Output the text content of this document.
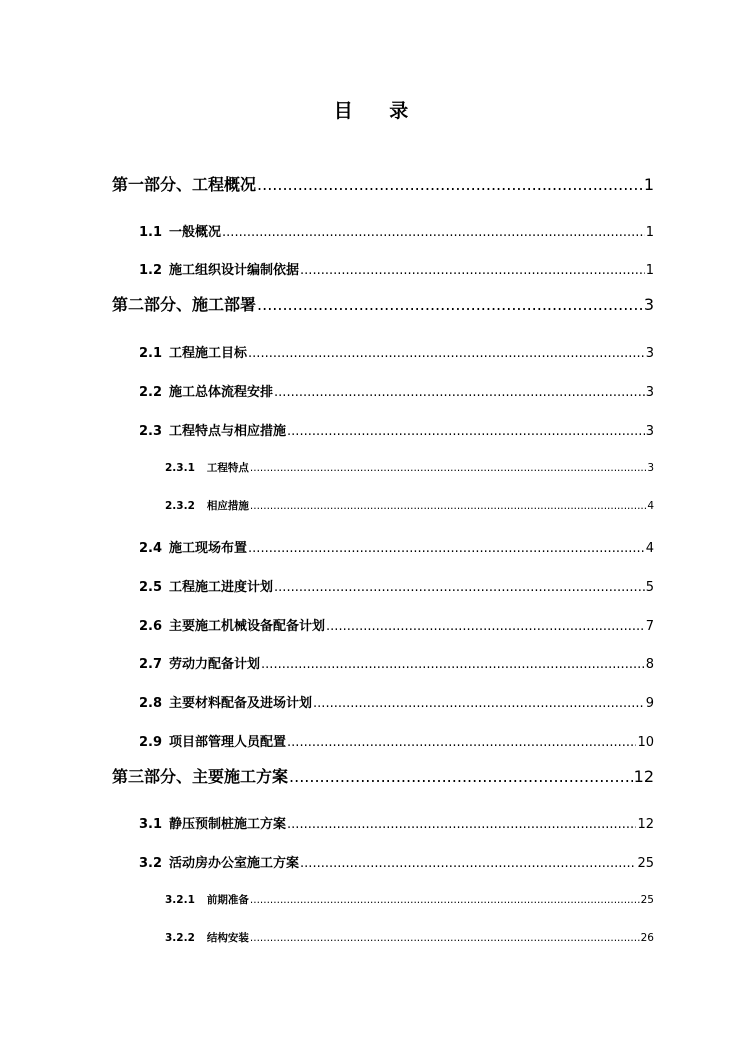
目    录
第一部分、工程概况 .....	1
1.1 一般概况 .....	1
1.2 施工组织设计编制依据 .....	1
第二部分、施工部署 .....	3
2.1 工程施工目标 .....	3
2.2 施工总体流程安排 .....	3
2.3 工程特点与相应措施 .....	3
2.3.1 工程特点 .....	3
2.3.2 相应措施 .....	4
2.4 施工现场布置 .....	4
2.5 工程施工进度计划 .....	5
2.6 主要施工机械设备配备计划 .....	7
2.7 劳动力配备计划 .....	8
2.8 主要材料配备及进场计划 .....	9
2.9 项目部管理人员配置 .....	10
第三部分、主要施工方案 .....	12
3.1 静压预制桩施工方案 .....	12
3.2 活动房办公室施工方案 .....	25
3.2.1 前期准备 .....	25
3.2.2 结构安装 .....	26
